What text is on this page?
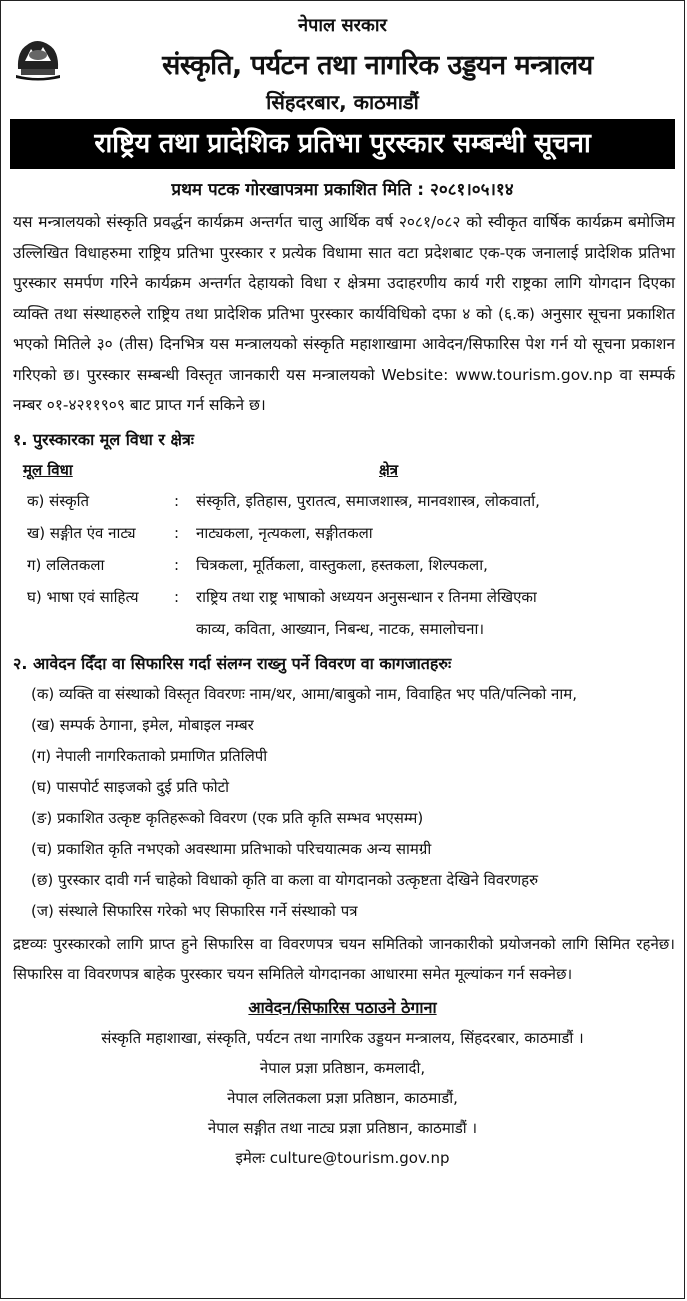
नेपाल सरकार
संस्कृति, पर्यटन तथा नागरिक उड्डयन मन्त्रालय
सिंहदरबार, काठमाडौं
राष्ट्रिय तथा प्रादेशिक प्रतिभा पुरस्कार सम्बन्धी सूचना
प्रथम पटक गोरखापत्रमा प्रकाशित मिति : २०८१।०५।१४
यस मन्त्रालयको संस्कृति प्रवर्द्धन कार्यक्रम अन्तर्गत चालु आर्थिक वर्ष २०८१/०८२ को स्वीकृत वार्षिक कार्यक्रम बमोजिम उल्लिखित विधाहरुमा राष्ट्रिय प्रतिभा पुरस्कार र प्रत्येक विधामा सात वटा प्रदेशबाट एक-एक जनालाई प्रादेशिक प्रतिभा पुरस्कार समर्पण गरिने कार्यक्रम अन्तर्गत देहायको विधा र क्षेत्रमा उदाहरणीय कार्य गरी राष्ट्रका लागि योगदान दिएका व्यक्ति तथा संस्थाहरुले राष्ट्रिय तथा प्रादेशिक प्रतिभा पुरस्कार कार्यविधिको दफा ४ को (६.क) अनुसार सूचना प्रकाशित भएको मितिले ३० (तीस) दिनभित्र यस मन्त्रालयको संस्कृति महाशाखामा आवेदन/सिफारिस पेश गर्न यो सूचना प्रकाशन गरिएको छ। पुरस्कार सम्बन्धी विस्तृत जानकारी यस मन्त्रालयको Website: www.tourism.gov.np वा सम्पर्क नम्बर ०१-४२११९०९ बाट प्राप्त गर्न सकिने छ।
१. पुरस्कारका मूल विधा र क्षेत्रः
मूल विधा	क्षेत्र
क) संस्कृति	: संस्कृति, इतिहास, पुरातत्व, समाजशास्त्र, मानवशास्त्र, लोकवार्ता,
ख) सङ्गीत एंव नाट्य	: नाट्यकला, नृत्यकला, सङ्गीतकला
ग) ललितकला	: चित्रकला, मूर्तिकला, वास्तुकला, हस्तकला, शिल्पकला,
घ) भाषा एवं साहित्य : राष्ट्रिय तथा राष्ट्र भाषाको अध्ययन अनुसन्धान र तिनमा लेखिएका
काव्य, कविता, आख्यान, निबन्ध, नाटक, समालोचना।
२. आवेदन दिँदा वा सिफारिस गर्दा संलग्न राख्नु पर्ने विवरण वा कागजातहरुः
(क) व्यक्ति वा संस्थाको विस्तृत विवरणः नाम/थर, आमा/बाबुको नाम, विवाहित भए पति/पत्निको नाम,
(ख) सम्पर्क ठेगाना, इमेल, मोबाइल नम्बर
(ग) नेपाली नागरिकताको प्रमाणित प्रतिलिपी
(घ) पासपोर्ट साइजको दुई प्रति फोटो
(ङ) प्रकाशित उत्कृष्ट कृतिहरूको विवरण (एक प्रति कृति सम्भव भएसम्म)
(च) प्रकाशित कृति नभएको अवस्थामा प्रतिभाको परिचयात्मक अन्य सामग्री
(छ) पुरस्कार दावी गर्न चाहेको विधाको कृति वा कला वा योगदानको उत्कृष्टता देखिने विवरणहरु
(ज) संस्थाले सिफारिस गरेको भए सिफारिस गर्ने संस्थाको पत्र
द्रष्टव्यः पुरस्कारको लागि प्राप्त हुने सिफारिस वा विवरणपत्र चयन समितिको जानकारीको प्रयोजनको लागि सिमित रहनेछ। सिफारिस वा विवरणपत्र बाहेक पुरस्कार चयन समितिले योगदानका आधारमा समेत मूल्यांकन गर्न सक्नेछ।
आवेदन/सिफारिस पठाउने ठेगाना
संस्कृति महाशाखा, संस्कृति, पर्यटन तथा नागरिक उड्डयन मन्त्रालय, सिंहदरबार, काठमाडौं ।
नेपाल प्रज्ञा प्रतिष्ठान, कमलादी,
नेपाल ललितकला प्रज्ञा प्रतिष्ठान, काठमाडौं,
नेपाल सङ्गीत तथा नाट्य प्रज्ञा प्रतिष्ठान, काठमाडौं ।
इमेलः culture@tourism.gov.np
